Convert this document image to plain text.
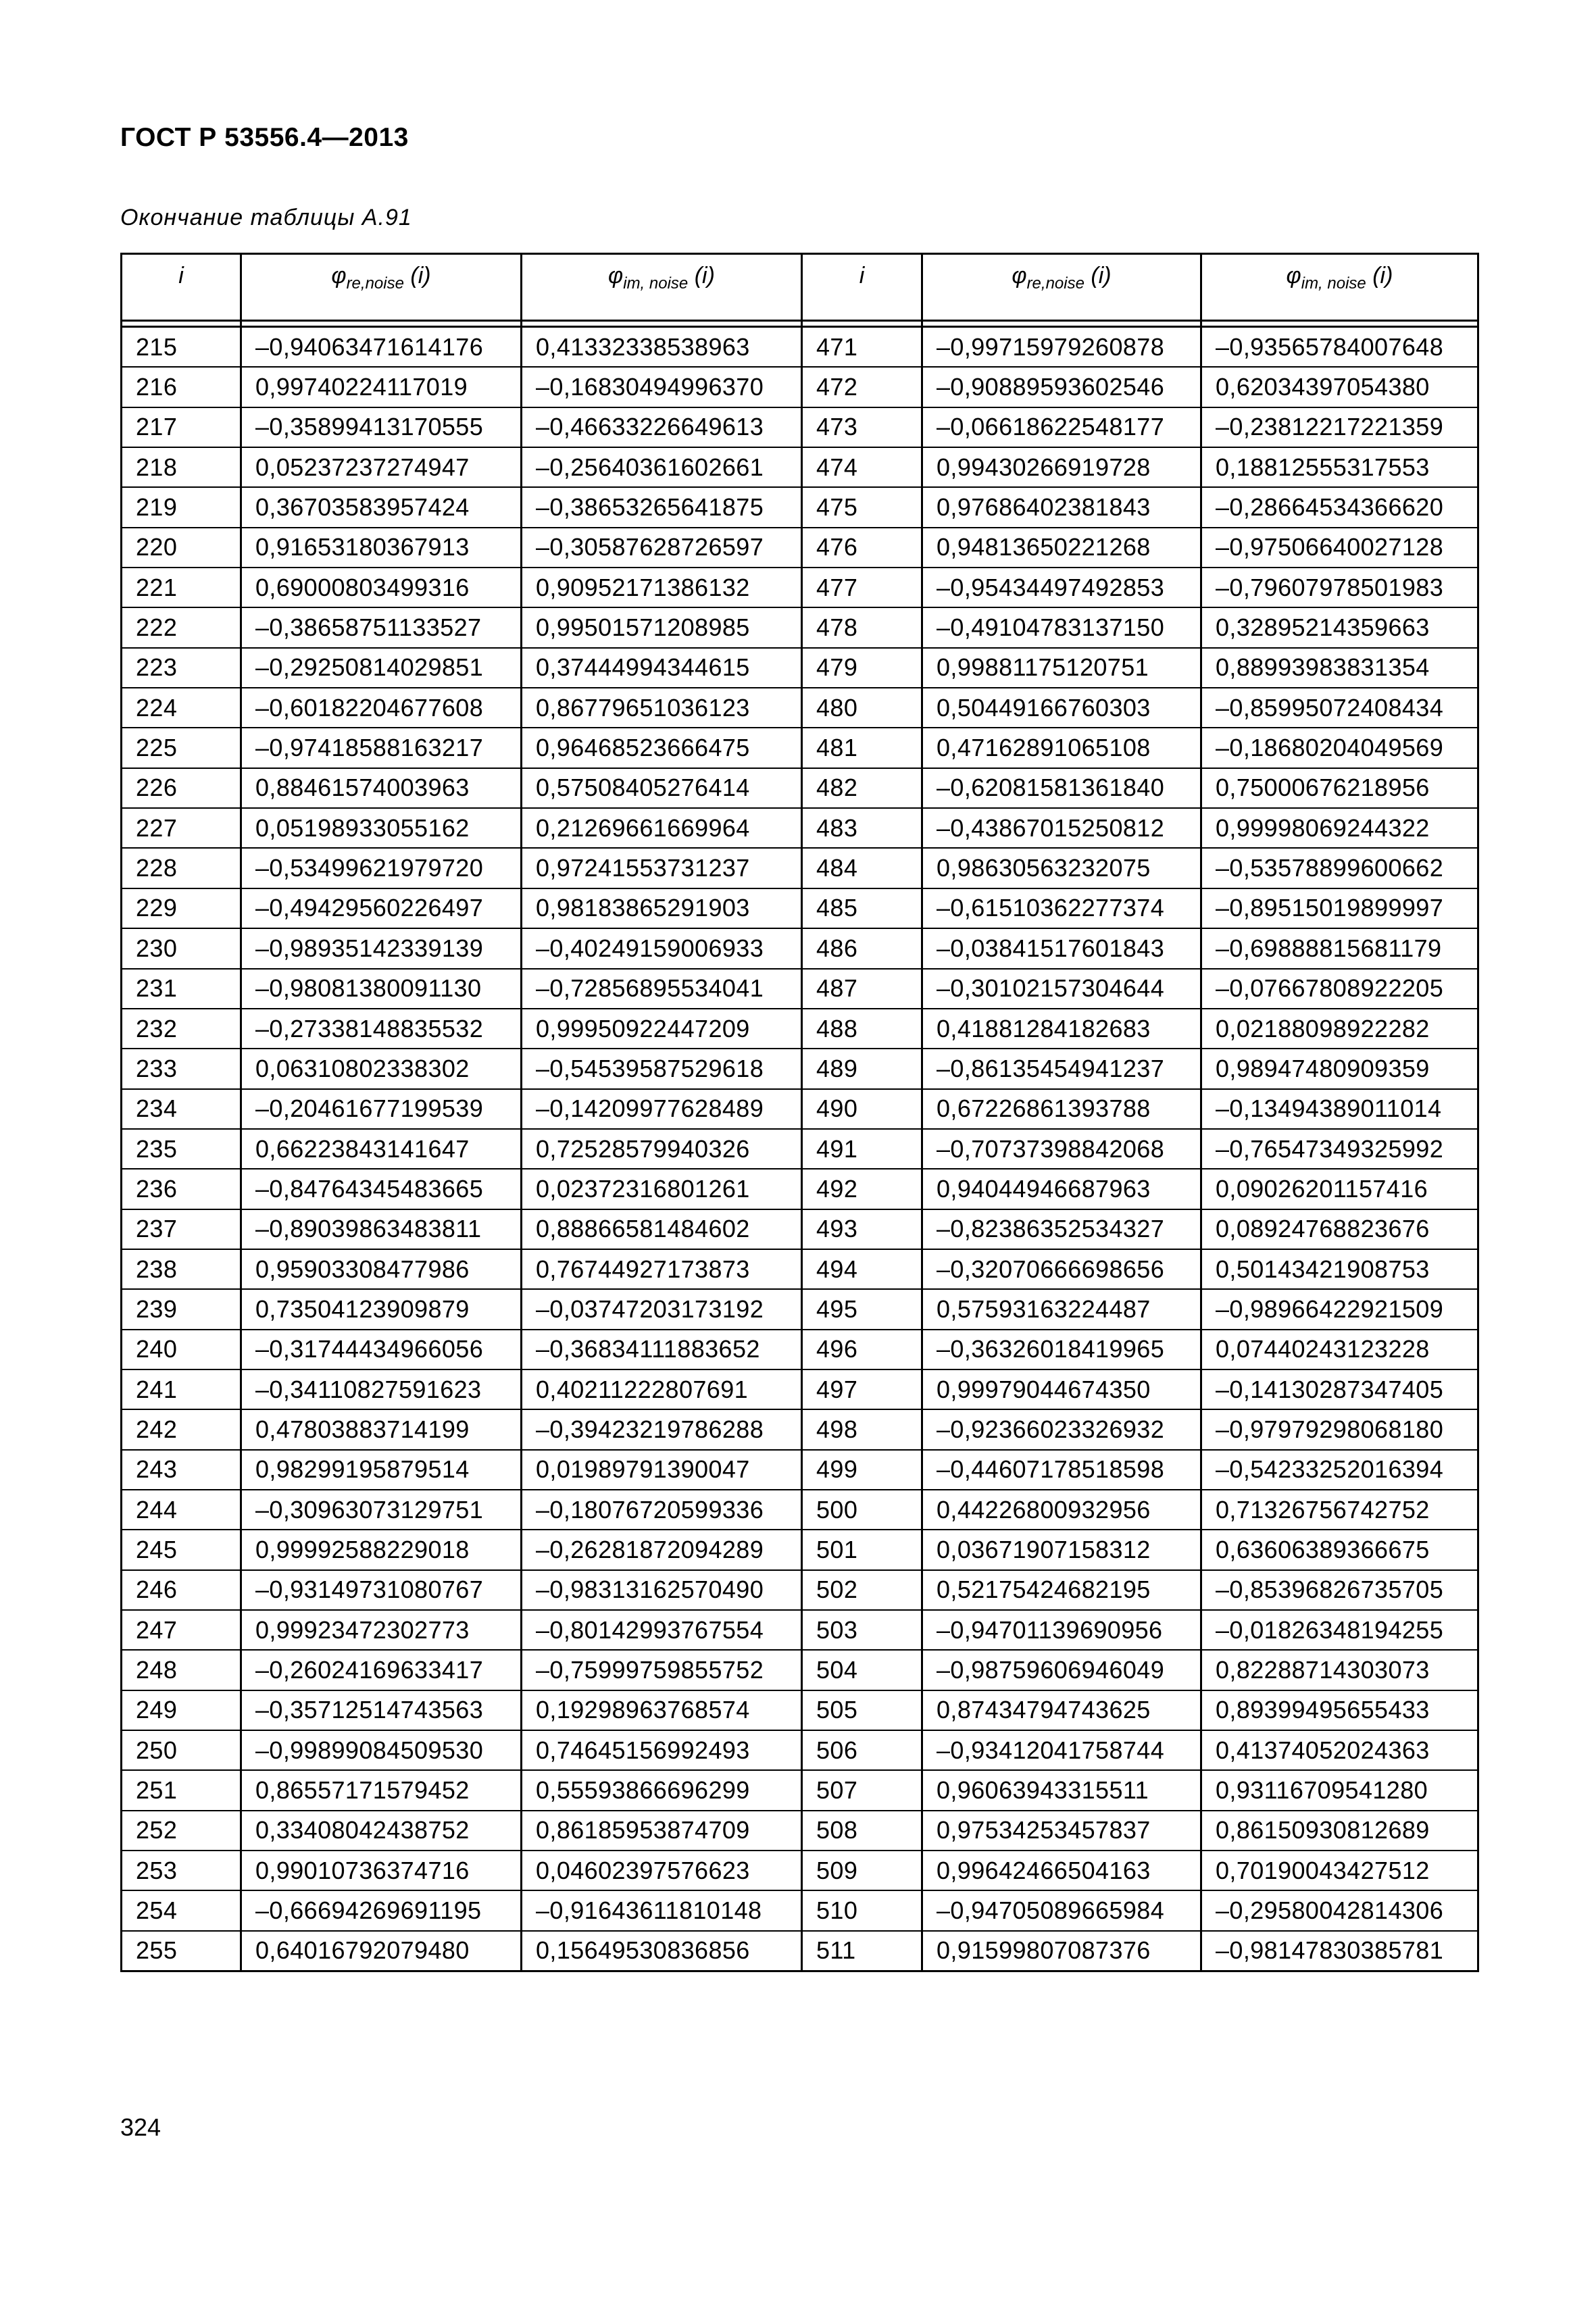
ГОСТ Р 53556.4—2013
Окончание таблицы А.91
i	$\varphi_{re,noise}$ (i)	$\varphi_{im, noise}$ (i)	i	$\varphi_{re,noise}$ (i)	$\varphi_{im, noise}$ (i)

215	–0,94063471614176	0,41332338538963	471	–0,99715979260878	–0,93565784007648
216	0,99740224117019	–0,16830494996370	472	–0,90889593602546	0,62034397054380
217	–0,35899413170555	–0,46633226649613	473	–0,06618622548177	–0,23812217221359
218	0,05237237274947	–0,25640361602661	474	0,99430266919728	0,18812555317553
219	0,36703583957424	–0,38653265641875	475	0,97686402381843	–0,28664534366620
220	0,91653180367913	–0,30587628726597	476	0,94813650221268	–0,97506640027128
221	0,69000803499316	0,90952171386132	477	–0,95434497492853	–0,79607978501983
222	–0,38658751133527	0,99501571208985	478	–0,49104783137150	0,32895214359663
223	–0,29250814029851	0,37444994344615	479	0,99881175120751	0,88993983831354
224	–0,60182204677608	0,86779651036123	480	0,50449166760303	–0,85995072408434
225	–0,97418588163217	0,96468523666475	481	0,47162891065108	–0,18680204049569
226	0,88461574003963	0,57508405276414	482	–0,62081581361840	0,75000676218956
227	0,05198933055162	0,21269661669964	483	–0,43867015250812	0,99998069244322
228	–0,53499621979720	0,97241553731237	484	0,98630563232075	–0,53578899600662
229	–0,49429560226497	0,98183865291903	485	–0,61510362277374	–0,89515019899997
230	–0,98935142339139	–0,40249159006933	486	–0,03841517601843	–0,69888815681179
231	–0,98081380091130	–0,72856895534041	487	–0,30102157304644	–0,07667808922205
232	–0,27338148835532	0,99950922447209	488	0,41881284182683	0,02188098922282
233	0,06310802338302	–0,54539587529618	489	–0,86135454941237	0,98947480909359
234	–0,20461677199539	–0,14209977628489	490	0,67226861393788	–0,13494389011014
235	0,66223843141647	0,72528579940326	491	–0,70737398842068	–0,76547349325992
236	–0,84764345483665	0,02372316801261	492	0,94044946687963	0,09026201157416
237	–0,89039863483811	0,88866581484602	493	–0,82386352534327	0,08924768823676
238	0,95903308477986	0,76744927173873	494	–0,32070666698656	0,50143421908753
239	0,73504123909879	–0,03747203173192	495	0,57593163224487	–0,98966422921509
240	–0,31744434966056	–0,36834111883652	496	–0,36326018419965	0,07440243123228
241	–0,34110827591623	0,40211222807691	497	0,99979044674350	–0,14130287347405
242	0,47803883714199	–0,39423219786288	498	–0,92366023326932	–0,97979298068180
243	0,98299195879514	0,01989791390047	499	–0,44607178518598	–0,54233252016394
244	–0,30963073129751	–0,18076720599336	500	0,44226800932956	0,71326756742752
245	0,99992588229018	–0,26281872094289	501	0,03671907158312	0,63606389366675
246	–0,93149731080767	–0,98313162570490	502	0,52175424682195	–0,85396826735705
247	0,99923472302773	–0,80142993767554	503	–0,94701139690956	–0,01826348194255
248	–0,26024169633417	–0,75999759855752	504	–0,98759606946049	0,82288714303073
249	–0,35712514743563	0,19298963768574	505	0,87434794743625	0,89399495655433
250	–0,99899084509530	0,74645156992493	506	–0,93412041758744	0,41374052024363
251	0,86557171579452	0,55593866696299	507	0,96063943315511	0,93116709541280
252	0,33408042438752	0,86185953874709	508	0,97534253457837	0,86150930812689
253	0,99010736374716	0,04602397576623	509	0,99642466504163	0,70190043427512
254	–0,66694269691195	–0,91643611810148	510	–0,94705089665984	–0,29580042814306
255	0,64016792079480	0,15649530836856	511	0,91599807087376	–0,98147830385781
324
